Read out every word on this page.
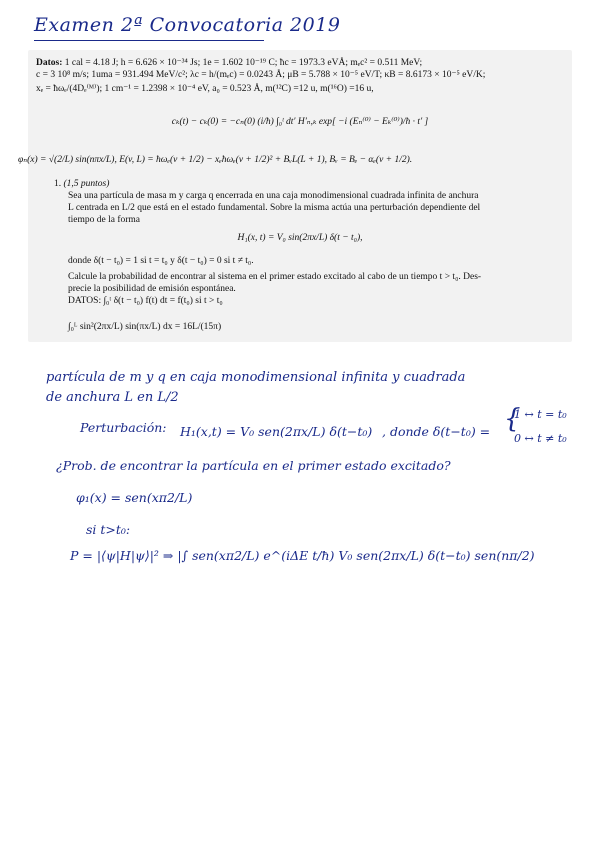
Examen 2ª Convocatoria 2019
Datos: 1 cal = 4.18 J; h = 6.626 × 10⁻³⁴ Js; 1e = 1.602 10⁻¹⁹ C; ħc = 1973.3 eVÅ; mₑc² = 0.511 MeV;
c = 3 10⁸ m/s; 1uma = 931.494 MeV/c²; λc = h/(mₑc) = 0.0243 Å; μB = 5.788 × 10⁻⁵ eV/T; κB = 8.6173 × 10⁻⁵ eV/K;
xₑ = ħωₑ/(4Dₑ⁽ᴹ⁾); 1 cm⁻¹ = 1.2398 × 10⁻⁴ eV, a₀ = 0.523 Å, m(¹²C) =12 u, m(¹⁶O) =16 u,
cₖ(t) − cₖ(0) = −cₙ(0) (i/ħ) ∫₀ᵗ dt′ H′ₙ,ₖ exp[ −i (Eₙ⁽⁰⁾ − Eₖ⁽⁰⁾)/ħ · t′ ]
φₙ(x) = √(2/L) sin(nπx/L), E(v, L) = ħωₑ(v + 1/2) − xₑħωₑ(v + 1/2)² + BᵥL(L + 1), Bᵥ = Bₑ − αₑ(v + 1/2).
1. (1,5 puntos)
Sea una partícula de masa m y carga q encerrada en una caja monodimensional cuadrada infinita de anchura
L centrada en L/2 que está en el estado fundamental. Sobre la misma actúa una perturbación dependiente del
tiempo de la forma
H₁(x, t) = V₀ sin(2πx/L) δ(t − t₀),
donde δ(t − t₀) = 1 si t = t₀ y δ(t − t₀) = 0 si t ≠ t₀.
Calcule la probabilidad de encontrar al sistema en el primer estado excitado al cabo de un tiempo t > t₀. Des-
precie la posibilidad de emisión espontánea.
DATOS: ∫₀ᵗ δ(t − t₀) f(t) dt = f(t₀) si t > t₀
∫₀ᴸ sin²(2πx/L) sin(πx/L) dx = 16L/(15π)
partícula de m y q en caja monodimensional infinita y cuadrada
de anchura L en L/2
Perturbación: H₁(x,t) = V₀ sen(2πx/L) δ(t−t₀) , donde δ(t−t₀) = {
1 ↔ t = t₀
0 ↔ t ≠ t₀
¿Prob. de encontrar la partícula en el primer estado excitado?
φ₁(x) = sen(xπ2/L)
si t>t₀:
P = |⟨ψ|H|ψ⟩|² ⇒ |∫ sen(xπ2/L) e^(iΔE t/ħ) V₀ sen(2πx/L) δ(t−t₀) sen(nπ/2)
